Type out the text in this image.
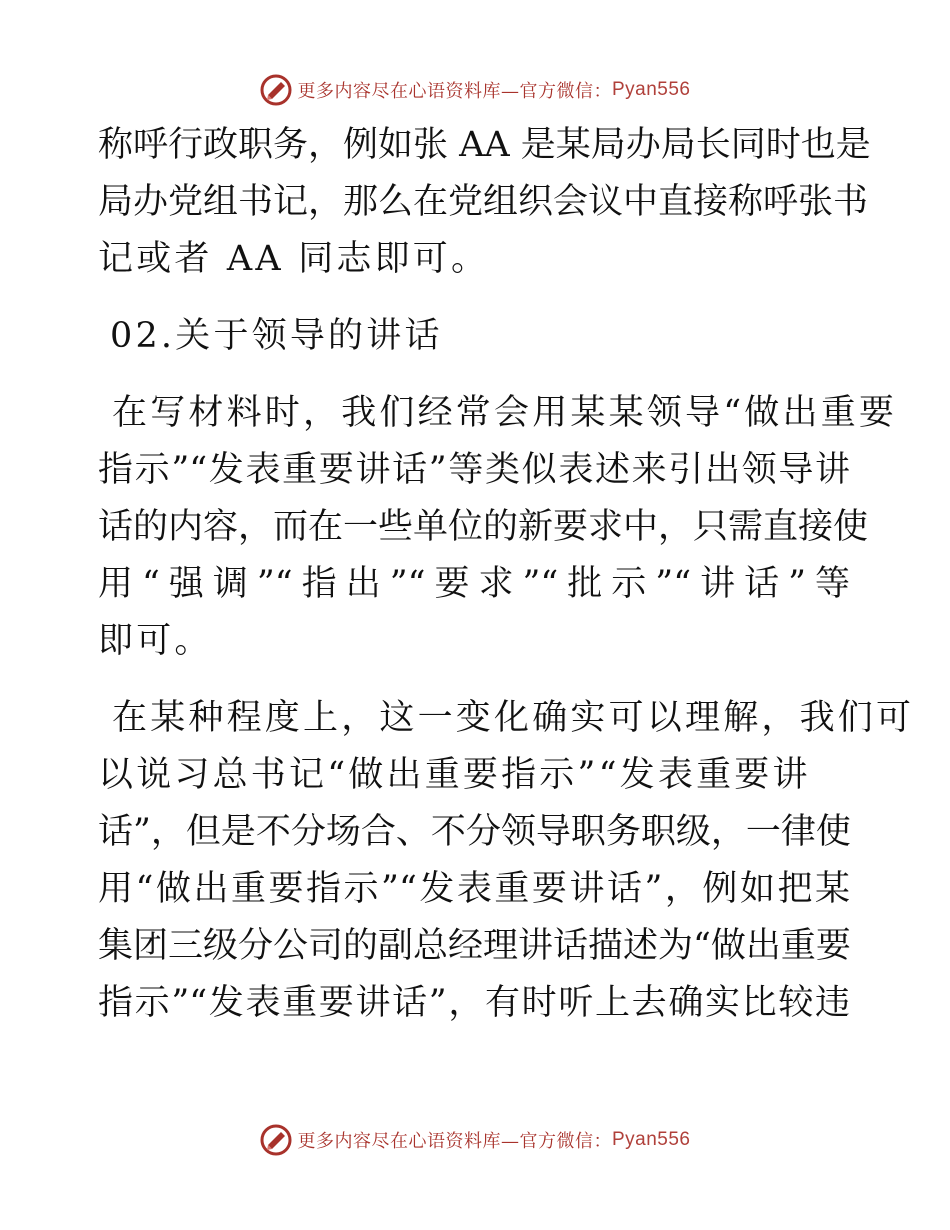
更多内容尽在心语资料库—官方微信： Pyan556
称呼行政职务，例如张 AA 是某局办局长同时也是
局办党组书记，那么在党组织会议中直接称呼张书
记或者 AA 同志即可。
02.关于领导的讲话
在写材料时，我们经常会用某某领导“做出重要
指示”“发表重要讲话”等类似表述来引出领导讲
话的内容，而在一些单位的新要求中，只需直接使
用“强调”“指出”“要求”“批示”“讲话”等
即可。
在某种程度上，这一变化确实可以理解，我们可
以说习总书记“做出重要指示”“发表重要讲
话”，但是不分场合、不分领导职务职级，一律使
用“做出重要指示”“发表重要讲话”，例如把某
集团三级分公司的副总经理讲话描述为“做出重要
指示”“发表重要讲话”，有时听上去确实比较违
更多内容尽在心语资料库—官方微信： Pyan556
